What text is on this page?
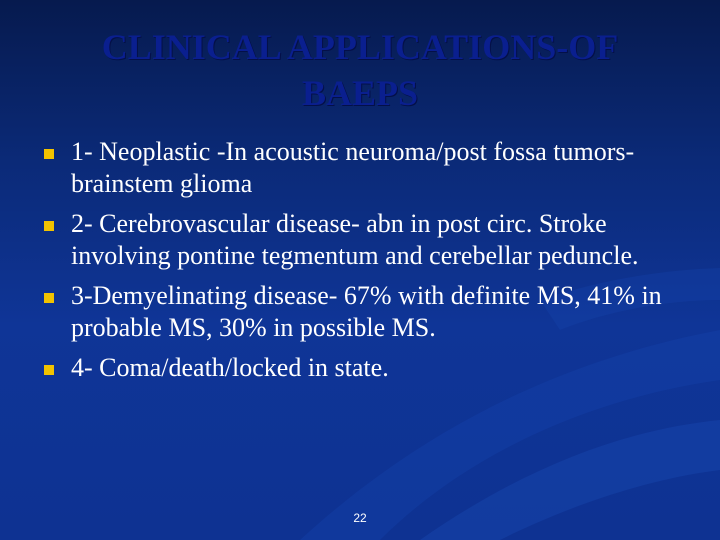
CLINICAL APPLICATIONS-OF BAEPS
1- Neoplastic -In acoustic neuroma/post fossa tumors-brainstem glioma
2- Cerebrovascular disease- abn in post circ. Stroke involving pontine tegmentum and cerebellar peduncle.
3-Demyelinating disease- 67% with definite MS, 41% in probable MS, 30% in possible MS.
4- Coma/death/locked in state.
22
